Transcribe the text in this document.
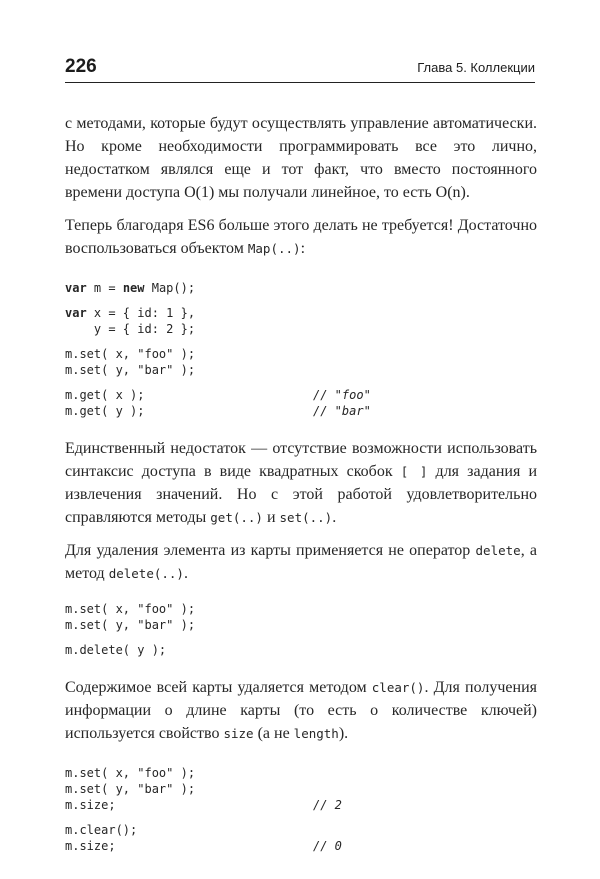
226	Глава 5. Коллекции

с методами, которые будут осуществлять управление автоматически. Но кроме необходимости программировать все это лично, недостатком являлся еще и тот факт, что вместо постоянного времени доступа O(1) мы получали линейное, то есть O(n).

Теперь благодаря ES6 больше этого делать не требуется! Достаточно воспользоваться объектом Map(..):

var m = new Map();
var x = { id: 1 },
y = { id: 2 };
m.set( x, "foo" );
m.set( y, "bar" );
m.get( x );	// "foo"
m.get( y );	// "bar"

Единственный недостаток — отсутствие возможности использовать синтаксис доступа в виде квадратных скобок [ ] для задания и извлечения значений. Но с этой работой удовлетворительно справляются методы get(..) и set(..).

Для удаления элемента из карты применяется не оператор delete, а метод delete(..).

m.set( x, "foo" );
m.set( y, "bar" );
m.delete( y );

Содержимое всей карты удаляется методом clear(). Для получения информации о длине карты (то есть о количестве ключей) используется свойство size (а не length).

m.set( x, "foo" );
m.set( y, "bar" );
m.size;	// 2
m.clear();
m.size;	// 0
